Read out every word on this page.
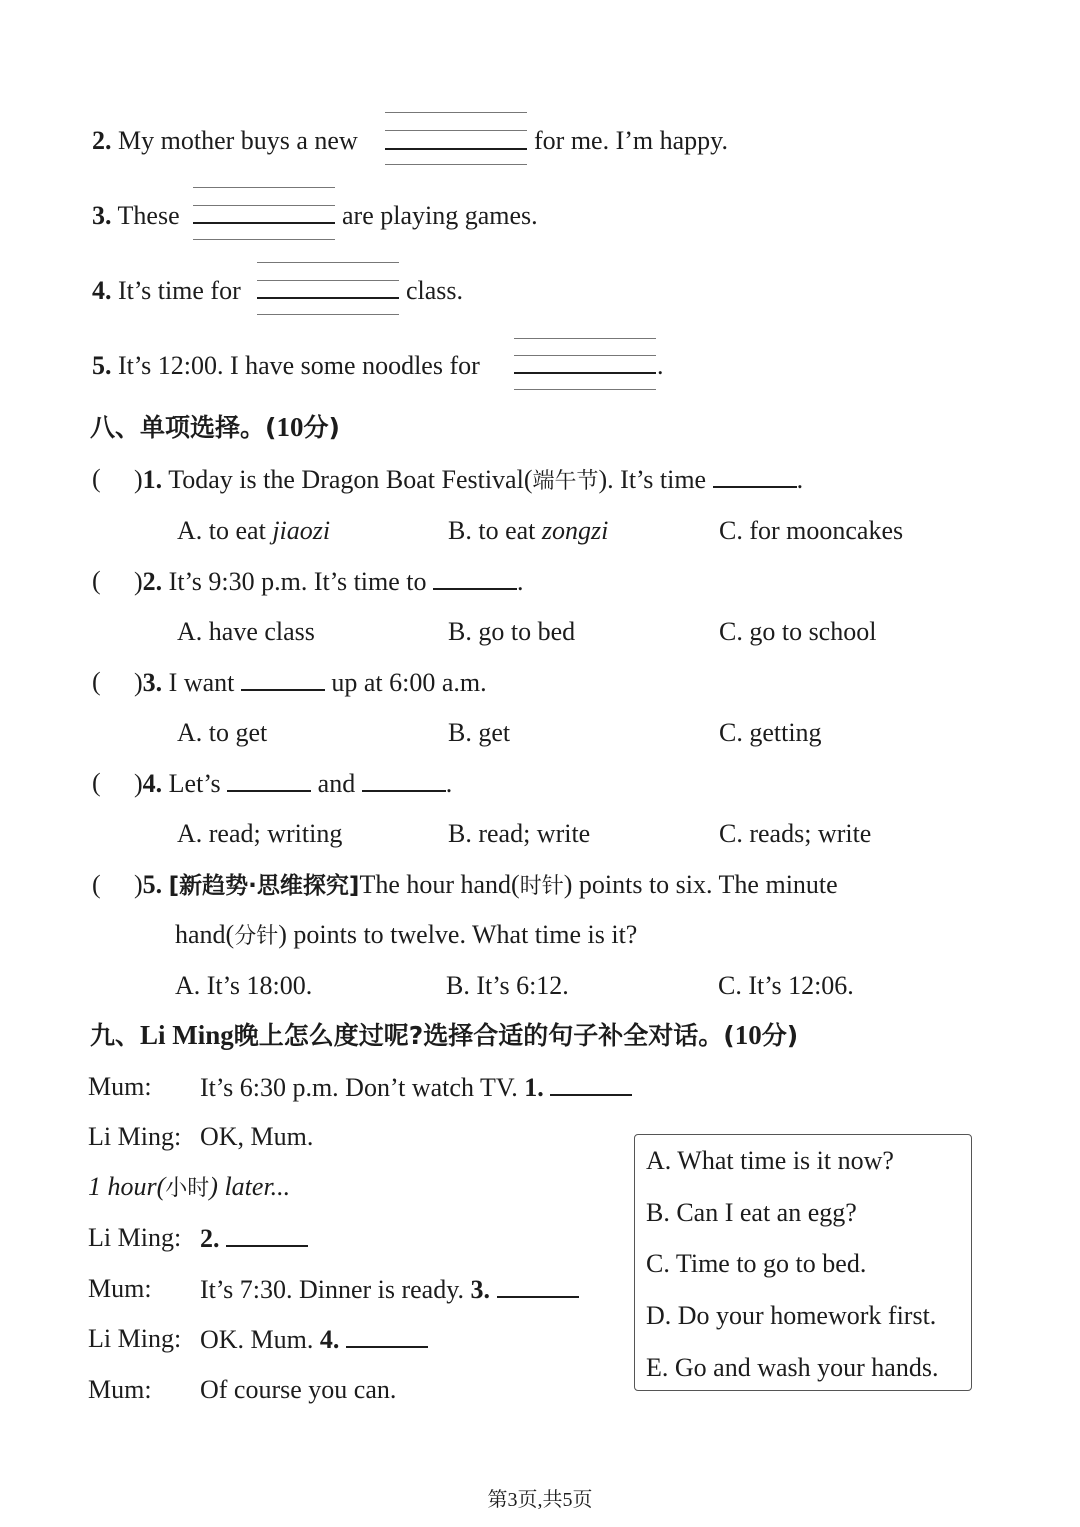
2. My mother buys a new	for me. I’m happy.
3. These	are playing games.
4. It’s time for	class.
5. It’s 12:00. I have some noodles for	.
八、单项选择。(10分)
( )1. Today is the Dragon Boat Festival(端午节). It’s time	.
A. to eat jiaozi	B. to eat zongzi	C. for mooncakes
( )2. It’s 9:30 p.m. It’s time to	.
A. have class	B. go to bed	C. go to school
( )3. I want	up at 6:00 a.m.
A. to get	B. get	C. getting
( )4. Let’s	and	.
A. read; writing	B. read; write	C. reads; write
( )5. [新趋势·思维探究]The hour hand(时针) points to six. The minute
hand(分针) points to twelve. What time is it?
A. It’s 18:00.	B. It’s 6:12.	C. It’s 12:06.
九、Li Ming晚上怎么度过呢?选择合适的句子补全对话。(10分)
Mum: It’s 6:30 p.m. Don’t watch TV. 1.
Li Ming: OK, Mum.
1 hour(小时) later...
Li Ming: 2.
Mum: It’s 7:30. Dinner is ready. 3.
Li Ming: OK. Mum. 4.
Mum: Of course you can.
A. What time is it now?
B. Can I eat an egg?
C. Time to go to bed.
D. Do your homework first.
E. Go and wash your hands.
第3页,共5页
